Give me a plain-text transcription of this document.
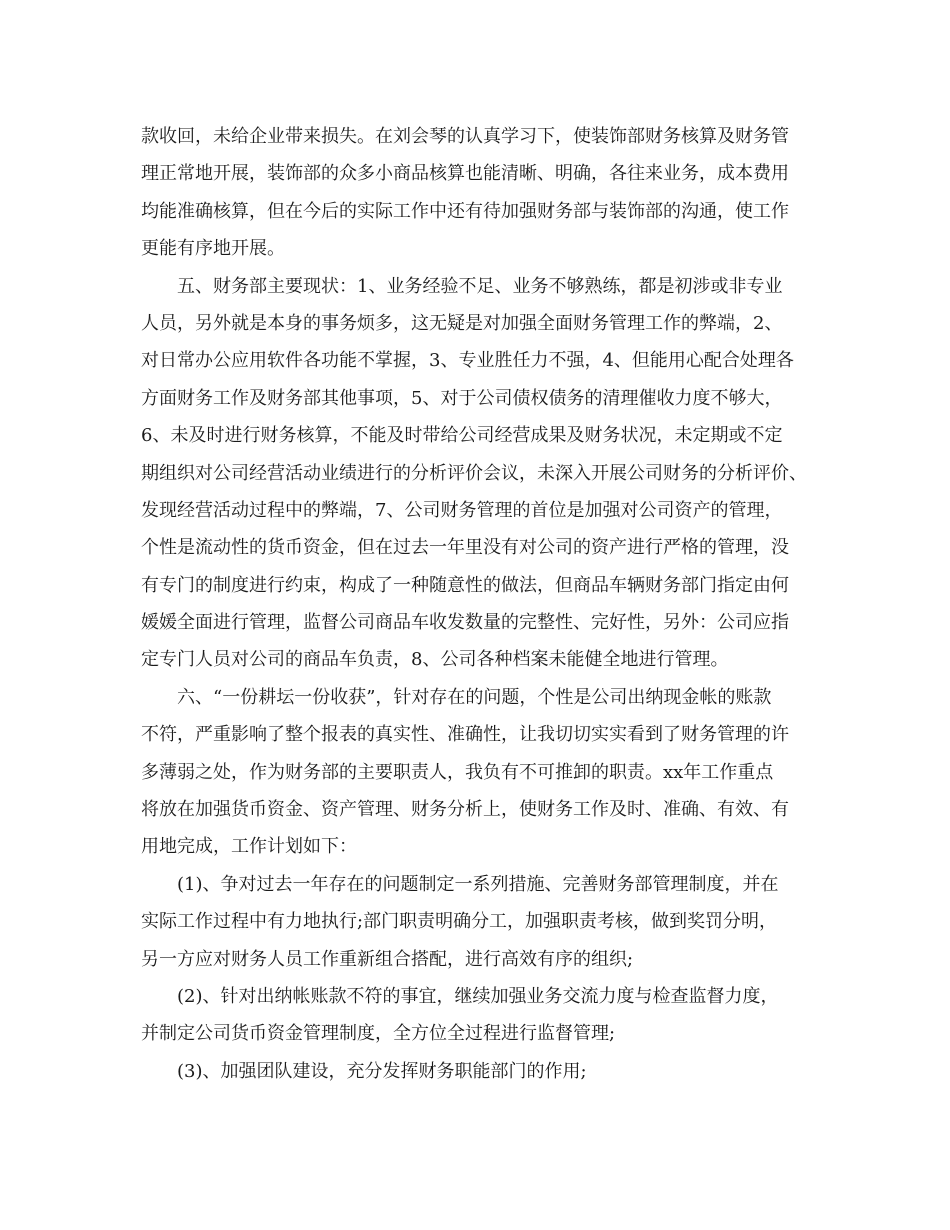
款收回，未给企业带来损失。在刘会琴的认真学习下，使装饰部财务核算及财务管
理正常地开展，装饰部的众多小商品核算也能清晰、明确，各往来业务，成本费用
均能准确核算，但在今后的实际工作中还有待加强财务部与装饰部的沟通，使工作
更能有序地开展。
五、财务部主要现状：1、业务经验不足、业务不够熟练，都是初涉或非专业
人员，另外就是本身的事务烦多，这无疑是对加强全面财务管理工作的弊端，2、
对日常办公应用软件各功能不掌握，3、专业胜任力不强，4、但能用心配合处理各
方面财务工作及财务部其他事项，5、对于公司债权债务的清理催收力度不够大，
6、未及时进行财务核算，不能及时带给公司经营成果及财务状况，未定期或不定
期组织对公司经营活动业绩进行的分析评价会议，未深入开展公司财务的分析评价、
发现经营活动过程中的弊端，7、公司财务管理的首位是加强对公司资产的管理，
个性是流动性的货币资金，但在过去一年里没有对公司的资产进行严格的管理，没
有专门的制度进行约束，构成了一种随意性的做法，但商品车辆财务部门指定由何
媛媛全面进行管理，监督公司商品车收发数量的完整性、完好性，另外：公司应指
定专门人员对公司的商品车负责，8、公司各种档案未能健全地进行管理。
六、“一份耕坛一份收获”，针对存在的问题，个性是公司出纳现金帐的账款
不符，严重影响了整个报表的真实性、准确性，让我切切实实看到了财务管理的许
多薄弱之处，作为财务部的主要职责人，我负有不可推卸的职责。xx年工作重点
将放在加强货币资金、资产管理、财务分析上，使财务工作及时、准确、有效、有
用地完成，工作计划如下：
(1)、争对过去一年存在的问题制定一系列措施、完善财务部管理制度，并在
实际工作过程中有力地执行;部门职责明确分工，加强职责考核，做到奖罚分明，
另一方应对财务人员工作重新组合搭配，进行高效有序的组织;
(2)、针对出纳帐账款不符的事宜，继续加强业务交流力度与检查监督力度，
并制定公司货币资金管理制度，全方位全过程进行监督管理;
(3)、加强团队建设，充分发挥财务职能部门的作用;
